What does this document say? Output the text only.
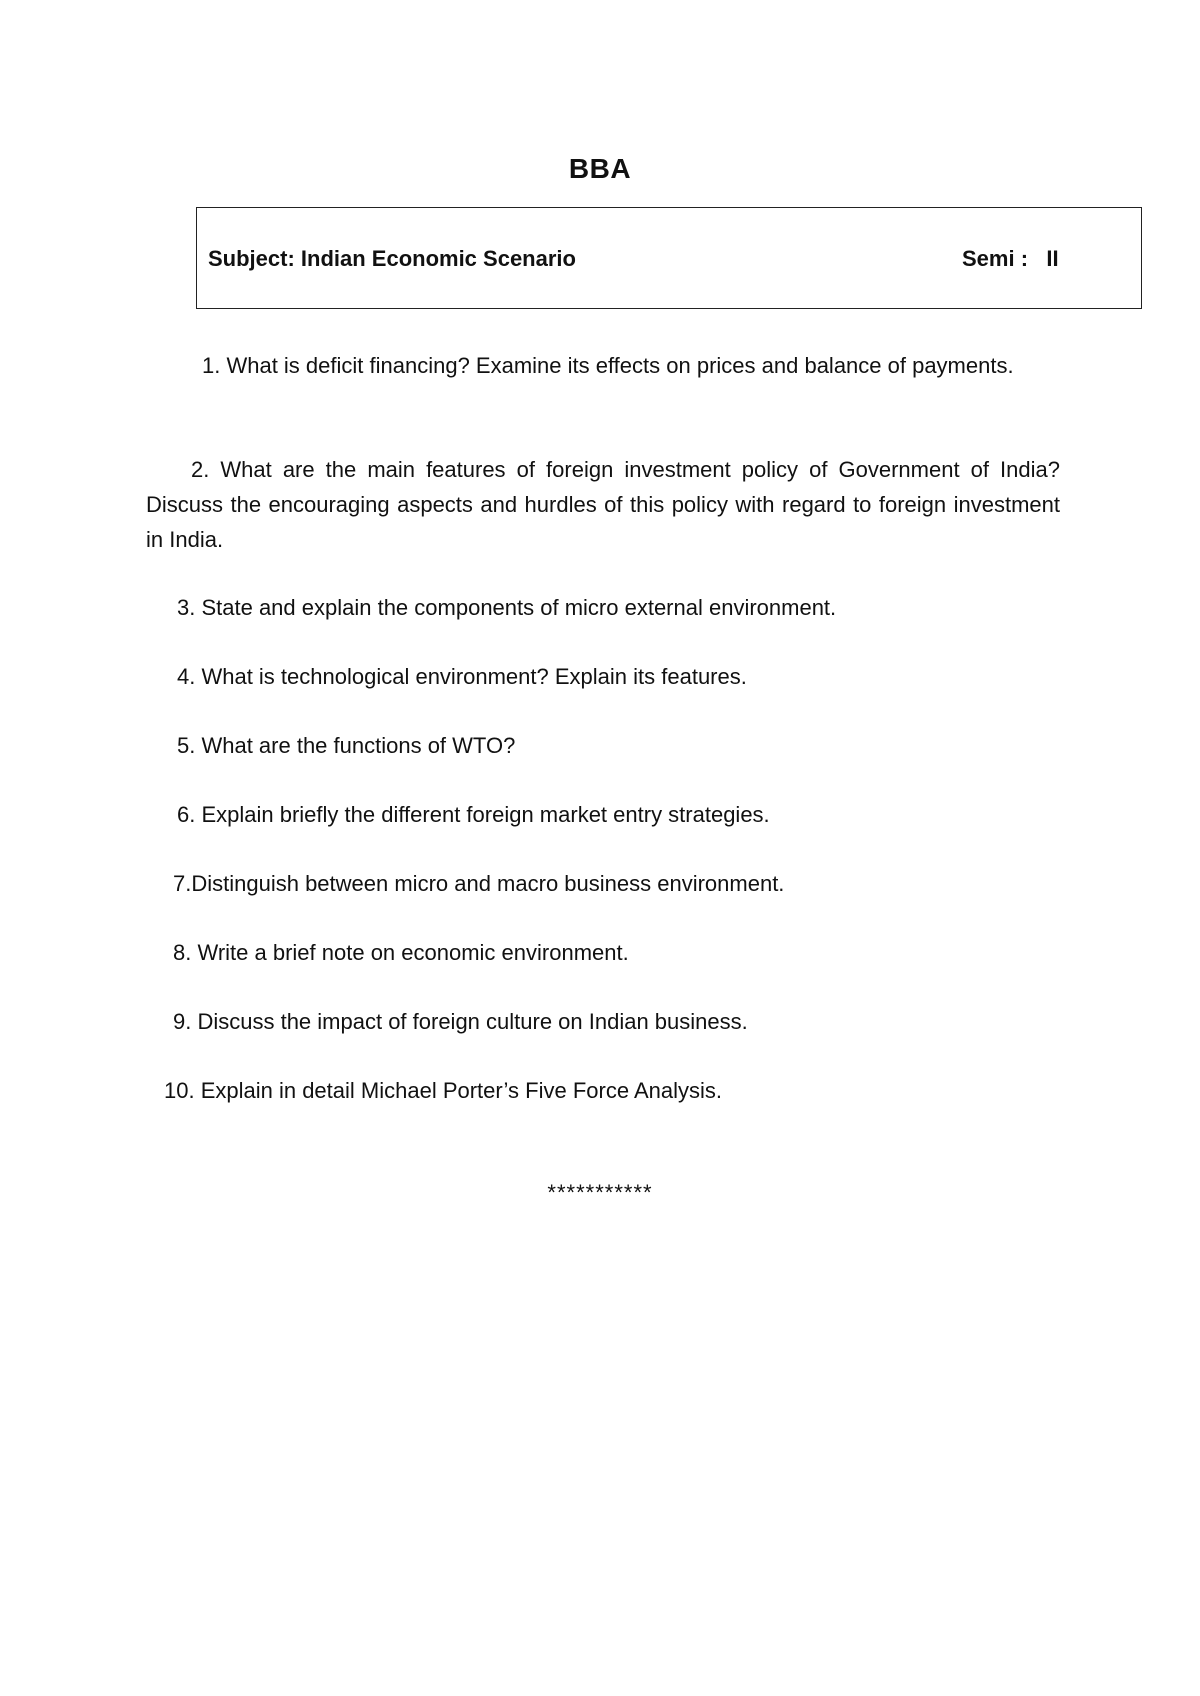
BBA
Subject: Indian Economic Scenario	Semi :   II
1. What is deficit financing? Examine its effects on prices and balance of payments.
2. What are the main features of foreign investment policy of Government of India? Discuss the encouraging aspects and hurdles of this policy with regard to foreign investment in India.
3. State and explain the components of micro external environment.
4. What is technological environment? Explain its features.
5. What are the functions of WTO?
6. Explain briefly the different foreign market entry strategies.
7.Distinguish between micro and macro business environment.
8. Write a brief note on economic environment.
9. Discuss the impact of foreign culture on Indian business.
10. Explain in detail Michael Porter’s Five Force Analysis.
***********
